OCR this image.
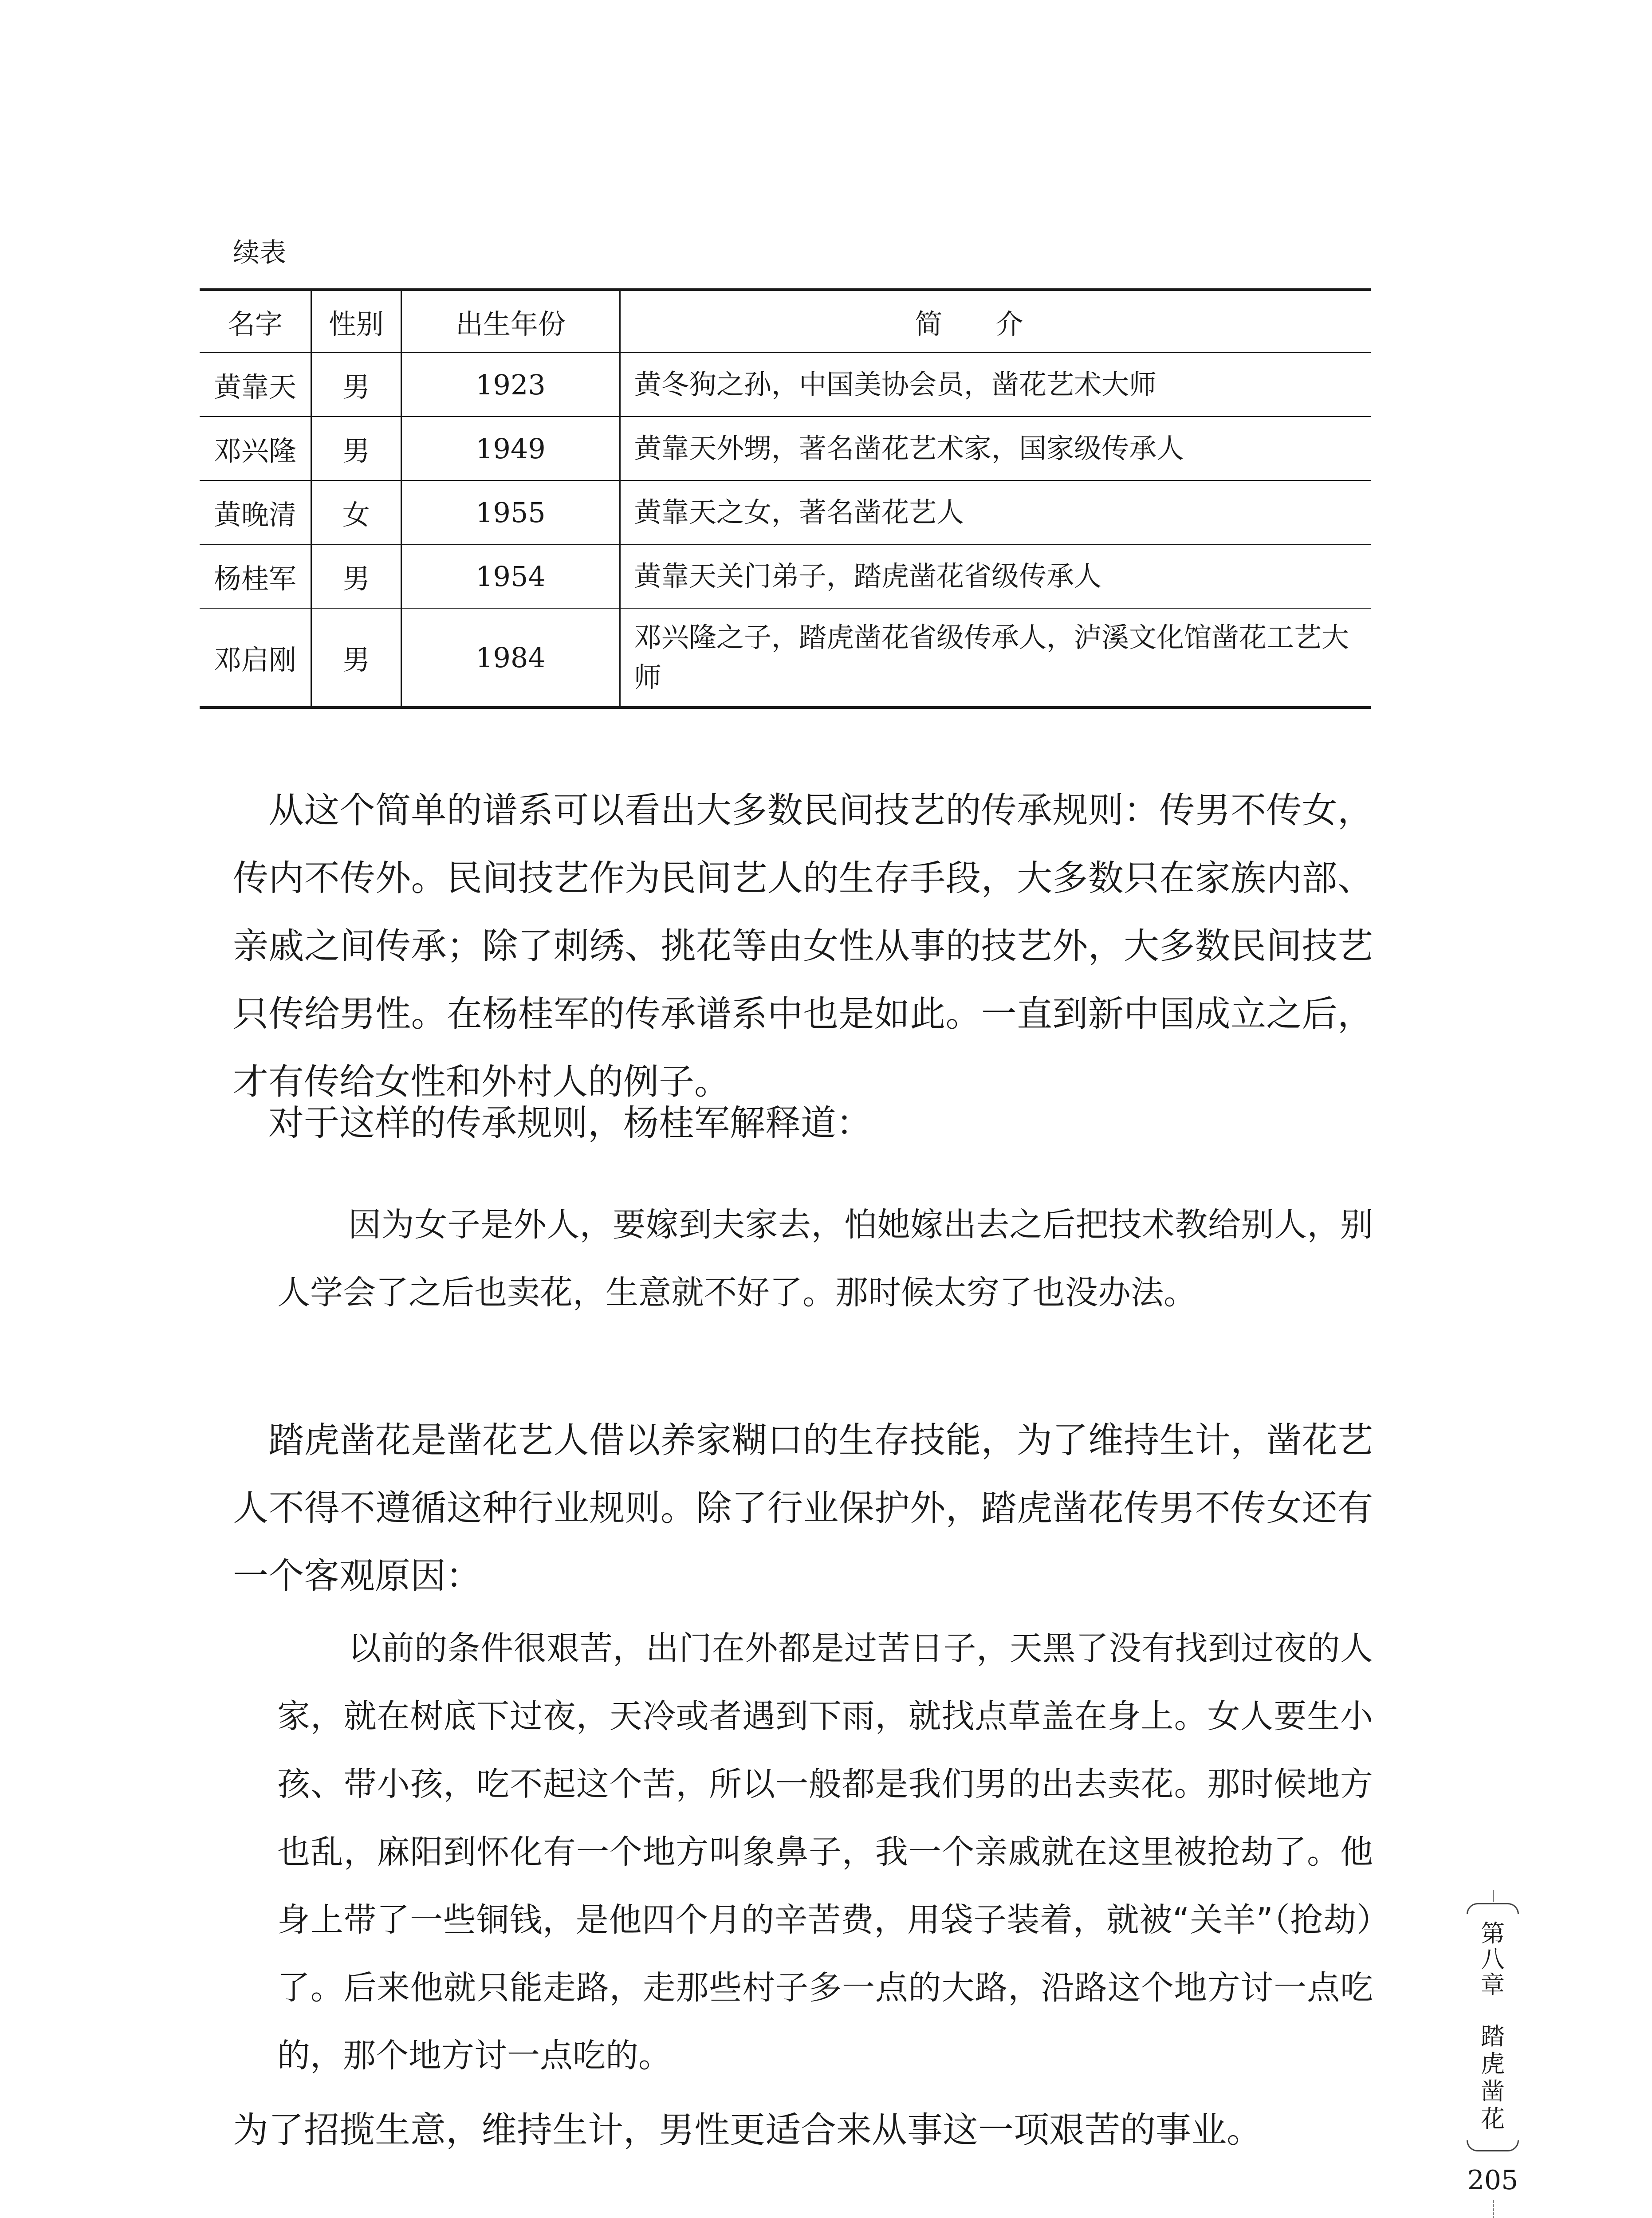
续表
名字	性别	出生年份	简介
黄靠天	男	1923	黄冬狗之孙，中国美协会员，凿花艺术大师
邓兴隆	男	1949	黄靠天外甥，著名凿花艺术家，国家级传承人
黄晚清	女	1955	黄靠天之女，著名凿花艺人
杨桂军	男	1954	黄靠天关门弟子，踏虎凿花省级传承人
邓启刚	男	1984	邓兴隆之子，踏虎凿花省级传承人，泸溪文化馆凿花工艺大师

从这个简单的谱系可以看出大多数民间技艺的传承规则：传男不传女，传内不传外。民间技艺作为民间艺人的生存手段，大多数只在家族内部、亲戚之间传承；除了刺绣、挑花等由女性从事的技艺外，大多数民间技艺只传给男性。在杨桂军的传承谱系中也是如此。一直到新中国成立之后，才有传给女性和外村人的例子。

对于这样的传承规则，杨桂军解释道：

因为女子是外人，要嫁到夫家去，怕她嫁出去之后把技术教给别人，别人学会了之后也卖花，生意就不好了。那时候太穷了也没办法。

踏虎凿花是凿花艺人借以养家糊口的生存技能，为了维持生计，凿花艺人不得不遵循这种行业规则。除了行业保护外，踏虎凿花传男不传女还有一个客观原因：

以前的条件很艰苦，出门在外都是过苦日子，天黑了没有找到过夜的人家，就在树底下过夜，天冷或者遇到下雨，就找点草盖在身上。女人要生小孩、带小孩，吃不起这个苦，所以一般都是我们男的出去卖花。那时候地方也乱，麻阳到怀化有一个地方叫象鼻子，我一个亲戚就在这里被抢劫了。他身上带了一些铜钱，是他四个月的辛苦费，用袋子装着，就被“关羊”（抢劫）了。后来他就只能走路，走那些村子多一点的大路，沿路这个地方讨一点吃的，那个地方讨一点吃的。

为了招揽生意，维持生计，男性更适合来从事这一项艰苦的事业。

第
八
章
踏
虎
凿
花
205
